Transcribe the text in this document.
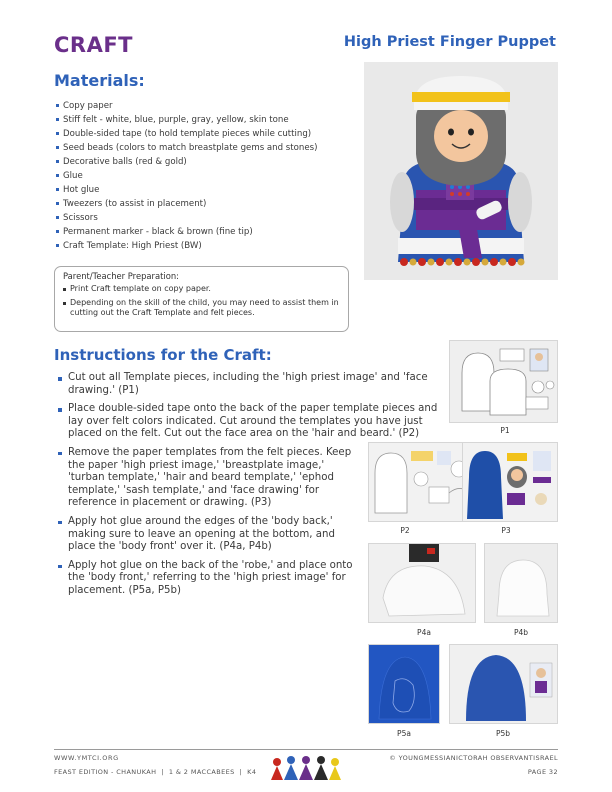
CRAFT	High Priest Finger Puppet
Materials:
Copy paper
Stiff felt - white, blue, purple, gray, yellow, skin tone
Double-sided tape (to hold template pieces while cutting)
Seed beads (colors to match breastplate gems and stones)
Decorative balls (red & gold)
Glue
Hot glue
Tweezers (to assist in placement)
Scissors
Permanent marker - black & brown (fine tip)
Craft Template: High Priest (BW)
Parent/Teacher Preparation:
Print Craft template on copy paper.
Depending on the skill of the child, you may need to assist them in cutting out the Craft Template and felt pieces.
Instructions for the Craft:
Cut out all Template pieces, including the 'high priest image' and 'face drawing.' (P1)
Place double-sided tape onto the back of the paper template pieces and lay over felt colors indicated. Cut around the templates you have just placed on the felt. Cut out the face area on the 'hair and beard.' (P2)
Remove the paper templates from the felt pieces. Keep the paper 'high priest image,' 'breastplate image,' 'turban template,' 'hair and beard template,' 'ephod template,' 'sash template,' and 'face drawing' for reference in placement or drawing. (P3)
Apply hot glue around the edges of the 'body back,' making sure to leave an opening at the bottom, and place the 'body front' over it. (P4a, P4b)
Apply hot glue on the back of the 'robe,' and place onto the 'body front,' referring to the 'high priest image' for placement. (P5a, P5b)
P1
P2	P3
P4a	P4b
P5a	P5b
WWW.YMTCI.ORG
FEAST EDITION - CHANUKAH  |  1 & 2 MACCABEES  |  K4
© YOUNGMESSIANICTORAH OBSERVANTISRAEL
PAGE 32
